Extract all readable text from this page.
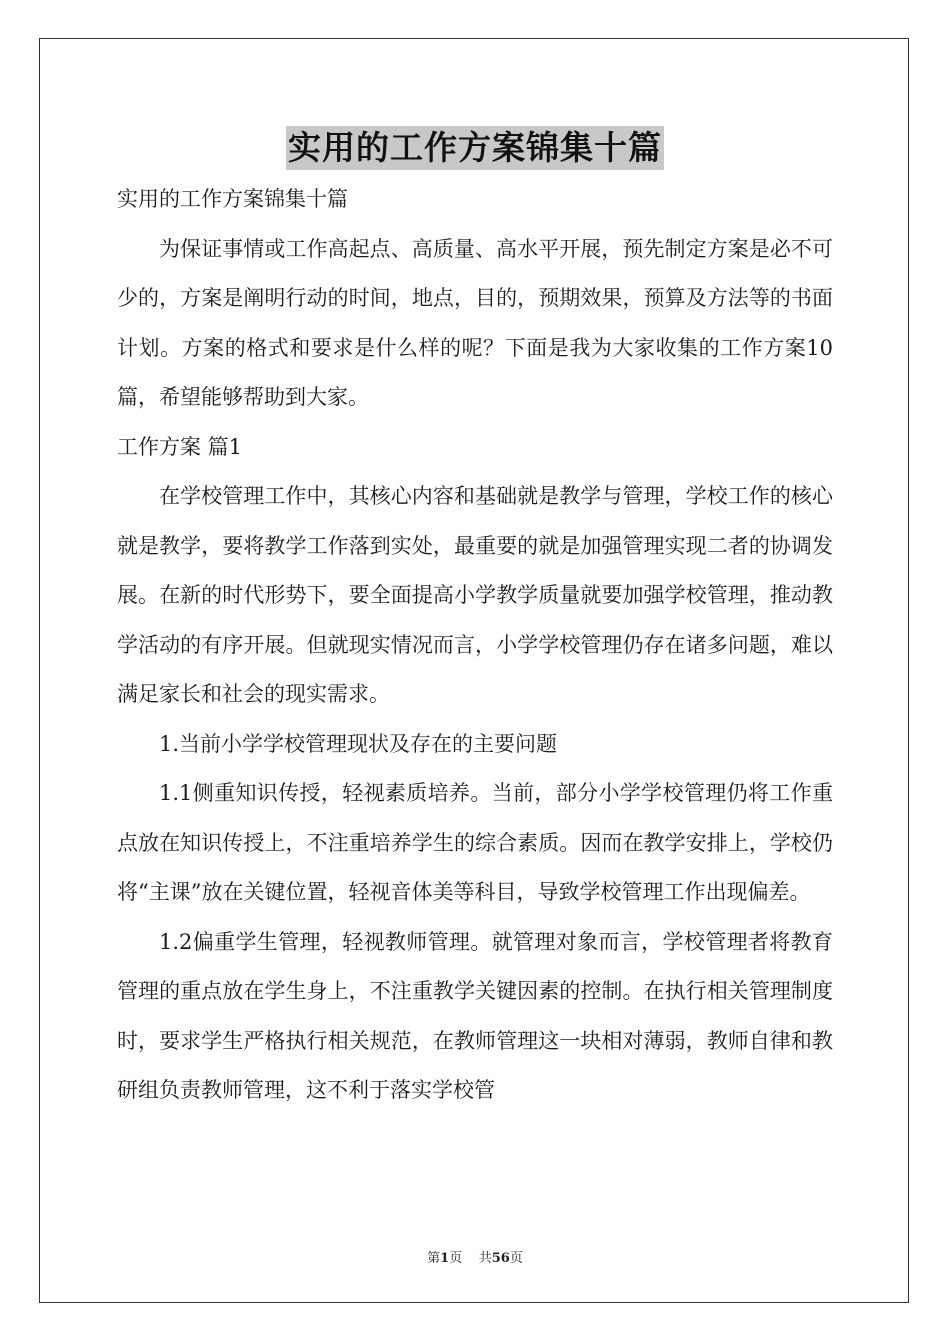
实用的工作方案锦集十篇

实用的工作方案锦集十篇

为保证事情或工作高起点、高质量、高水平开展，预先制定方案是必不可少的，方案是阐明行动的时间，地点，目的，预期效果，预算及方法等的书面计划。方案的格式和要求是什么样的呢？下面是我为大家收集的工作方案10篇，希望能够帮助到大家。

工作方案 篇1

在学校管理工作中，其核心内容和基础就是教学与管理，学校工作的核心就是教学，要将教学工作落到实处，最重要的就是加强管理实现二者的协调发展。在新的时代形势下，要全面提高小学教学质量就要加强学校管理，推动教学活动的有序开展。但就现实情况而言，小学学校管理仍存在诸多问题，难以满足家长和社会的现实需求。

1.当前小学学校管理现状及存在的主要问题

1.1侧重知识传授，轻视素质培养。当前，部分小学学校管理仍将工作重点放在知识传授上，不注重培养学生的综合素质。因而在教学安排上，学校仍将“主课”放在关键位置，轻视音体美等科目，导致学校管理工作出现偏差。

1.2偏重学生管理，轻视教师管理。就管理对象而言，学校管理者将教育管理的重点放在学生身上，不注重教学关键因素的控制。在执行相关管理制度时，要求学生严格执行相关规范，在教师管理这一块相对薄弱，教师自律和教研组负责教师管理，这不利于落实学校管

第1页 共56页
